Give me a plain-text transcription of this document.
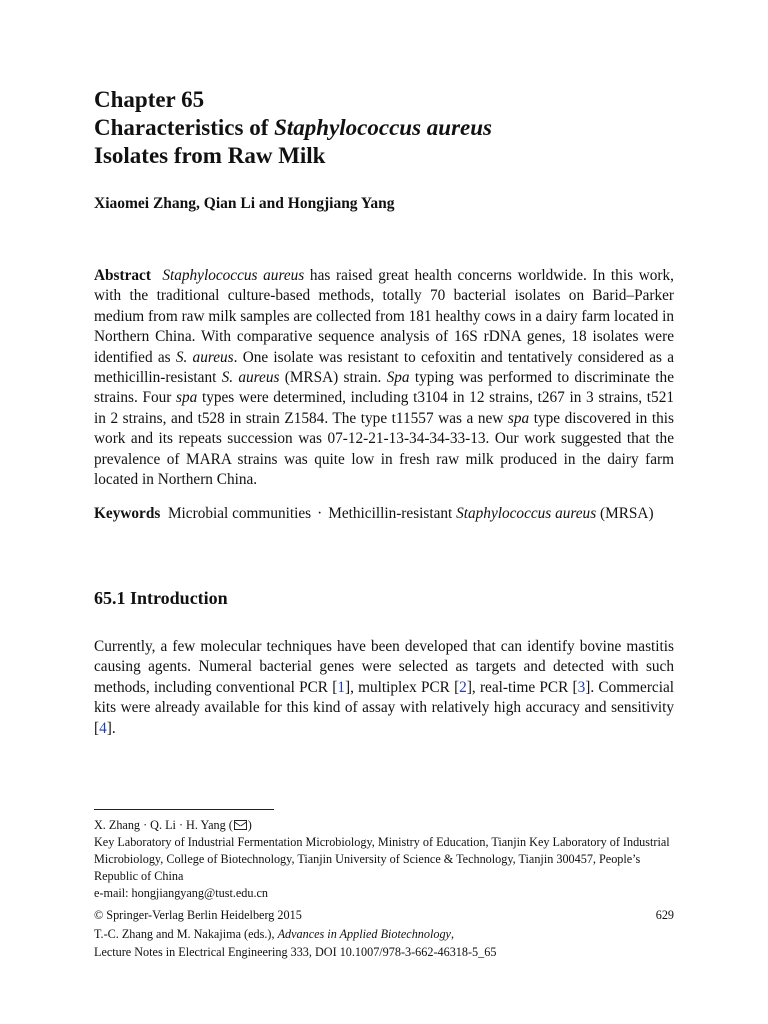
Chapter 65
Characteristics of Staphylococcus aureus
Isolates from Raw Milk
Xiaomei Zhang, Qian Li and Hongjiang Yang

Abstract Staphylococcus aureus has raised great health concerns worldwide. In this work, with the traditional culture-based methods, totally 70 bacterial isolates on Barid–Parker medium from raw milk samples are collected from 181 healthy cows in a dairy farm located in Northern China. With comparative sequence analysis of 16S rDNA genes, 18 isolates were identified as S. aureus. One isolate was resistant to cefoxitin and tentatively considered as a methicillin-resistant S. aureus (MRSA) strain. Spa typing was performed to discriminate the strains. Four spa types were determined, including t3104 in 12 strains, t267 in 3 strains, t521 in 2 strains, and t528 in strain Z1584. The type t11557 was a new spa type discovered in this work and its repeats succession was 07-12-21-13-34-34-33-13. Our work suggested that the prevalence of MARA strains was quite low in fresh raw milk produced in the dairy farm located in Northern China.

Keywords Microbial communities · Methicillin-resistant Staphylococcus aureus (MRSA)

65.1 Introduction

Currently, a few molecular techniques have been developed that can identify bovine mastitis causing agents. Numeral bacterial genes were selected as targets and detected with such methods, including conventional PCR [1], multiplex PCR [2], real-time PCR [3]. Commercial kits were already available for this kind of assay with relatively high accuracy and sensitivity [4].

X. Zhang · Q. Li · H. Yang ( )
Key Laboratory of Industrial Fermentation Microbiology, Ministry of Education, Tianjin Key Laboratory of Industrial Microbiology, College of Biotechnology, Tianjin University of Science & Technology, Tianjin 300457, People’s Republic of China
e-mail: hongjiangyang@tust.edu.cn
© Springer-Verlag Berlin Heidelberg 2015
T.-C. Zhang and M. Nakajima (eds.), Advances in Applied Biotechnology,
Lecture Notes in Electrical Engineering 333, DOI 10.1007/978-3-662-46318-5_65
629
